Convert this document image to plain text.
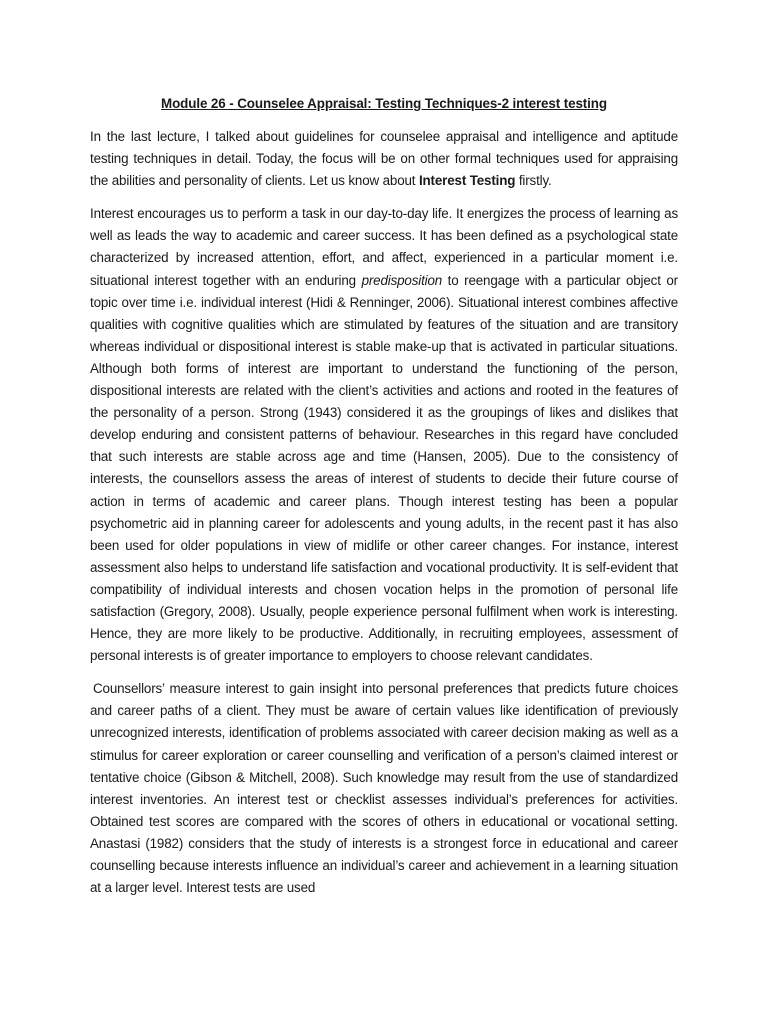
Module 26 - Counselee Appraisal: Testing Techniques-2 interest testing

In the last lecture, I talked about guidelines for counselee appraisal and intelligence and aptitude testing techniques in detail. Today, the focus will be on other formal techniques used for appraising the abilities and personality of clients. Let us know about Interest Testing firstly.

Interest encourages us to perform a task in our day-to-day life. It energizes the process of learning as well as leads the way to academic and career success. It has been defined as a psychological state characterized by increased attention, effort, and affect, experienced in a particular moment i.e. situational interest together with an enduring predisposition to reengage with a particular object or topic over time i.e. individual interest (Hidi & Renninger, 2006). Situational interest combines affective qualities with cognitive qualities which are stimulated by features of the situation and are transitory whereas individual or dispositional interest is stable make-up that is activated in particular situations. Although both forms of interest are important to understand the functioning of the person, dispositional interests are related with the client’s activities and actions and rooted in the features of the personality of a person. Strong (1943) considered it as the groupings of likes and dislikes that develop enduring and consistent patterns of behaviour. Researches in this regard have concluded that such interests are stable across age and time (Hansen, 2005). Due to the consistency of interests, the counsellors assess the areas of interest of students to decide their future course of action in terms of academic and career plans. Though interest testing has been a popular psychometric aid in planning career for adolescents and young adults, in the recent past it has also been used for older populations in view of midlife or other career changes. For instance, interest assessment also helps to understand life satisfaction and vocational productivity. It is self-evident that compatibility of individual interests and chosen vocation helps in the promotion of personal life satisfaction (Gregory, 2008). Usually, people experience personal fulfilment when work is interesting. Hence, they are more likely to be productive. Additionally, in recruiting employees, assessment of personal interests is of greater importance to employers to choose relevant candidates.

Counsellors’ measure interest to gain insight into personal preferences that predicts future choices and career paths of a client. They must be aware of certain values like identification of previously unrecognized interests, identification of problems associated with career decision making as well as a stimulus for career exploration or career counselling and verification of a person’s claimed interest or tentative choice (Gibson & Mitchell, 2008). Such knowledge may result from the use of standardized interest inventories. An interest test or checklist assesses individual’s preferences for activities. Obtained test scores are compared with the scores of others in educational or vocational setting. Anastasi (1982) considers that the study of interests is a strongest force in educational and career counselling because interests influence an individual’s career and achievement in a learning situation at a larger level. Interest tests are used
